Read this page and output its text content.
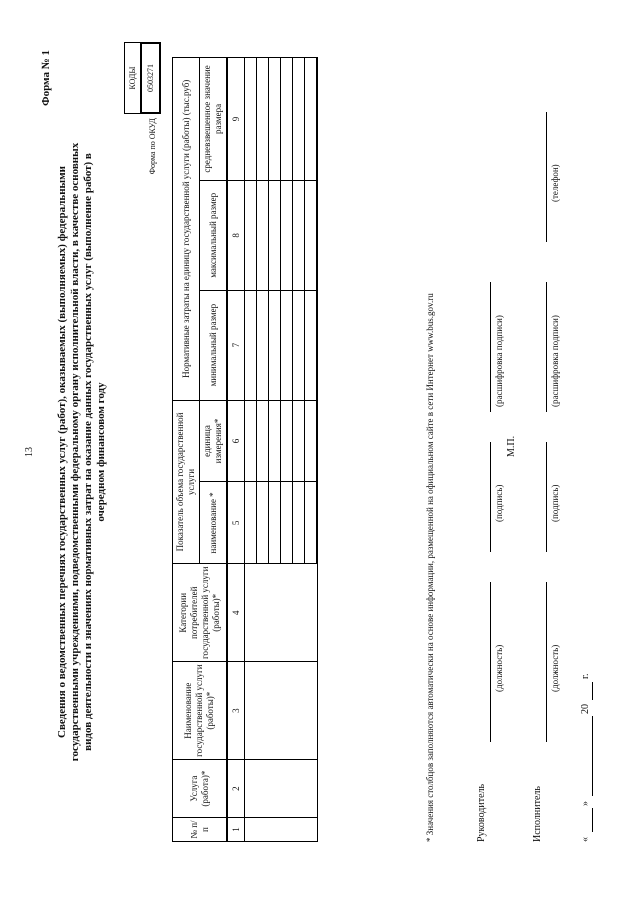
13
Форма № 1
Сведения о ведомственных перечнях государственных услуг (работ), оказываемых (выполняемых) федеральными государственными учреждениями, подведомственными федеральному органу исполнительной власти, в качестве основных видов деятельности и значениях нормативных затрат на оказание данных государственных услуг (выполнение работ) в очередном финансовом году
Форма по ОКУД
КОДЫ	0503271
№ п/п	Услуга (работа)*	Наименование государственной услуги (работы)*	Категории потребителей государственной услуги (работы)*	Показатель объема государственной услуги		Нормативные затраты на единицу государственной услуги (работы) (тыс.руб)		
				наименование *	единица измерения*	минимальный размер	максимальный размер	средневзвешенное значение размера
1	2	3	4	5	6	7	8	9

* Значения столбцов заполняются автоматически на основе информации, размещенной на официальном сайте в сети Интернет www.bus.gov.ru	Руководитель
(должность)
(подпись)
(расшифровка подписи)
М.П.
Исполнитель
(должность)
(подпись)
(расшифровка подписи)
(телефон)
«
»
20
г.
